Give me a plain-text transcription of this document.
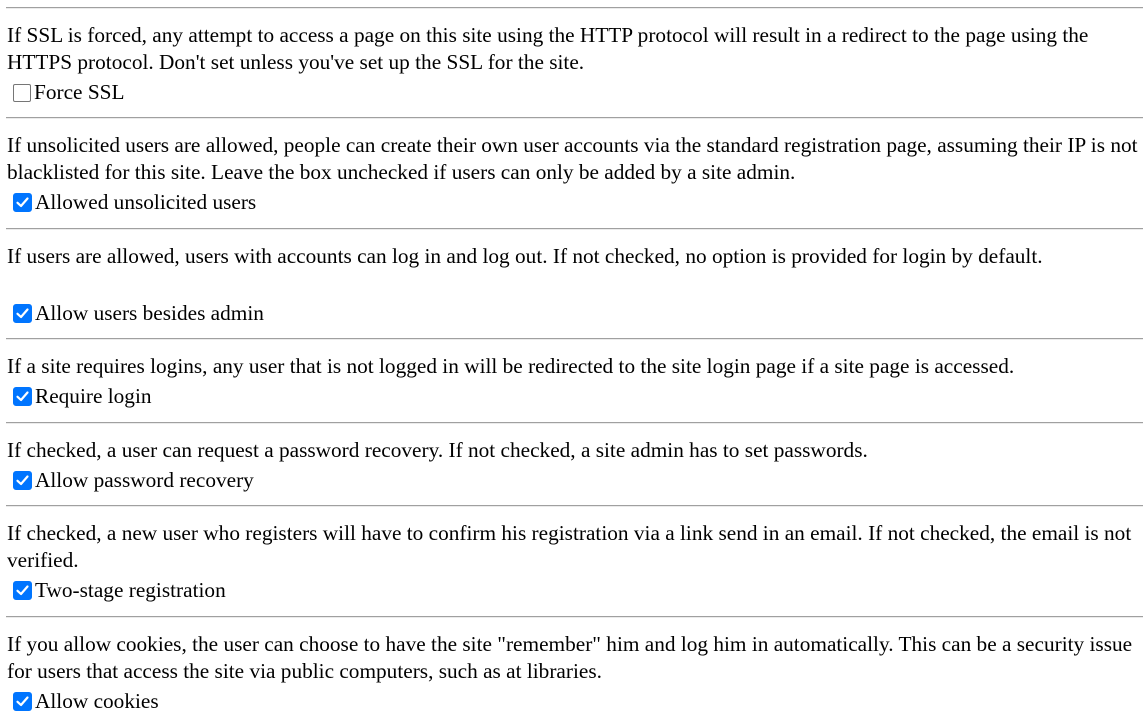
If SSL is forced, any attempt to access a page on this site using the HTTP protocol will result in a redirect to the page using the HTTPS protocol. Don't set unless you've set up the SSL for the site.

Force SSL

If unsolicited users are allowed, people can create their own user accounts via the standard registration page, assuming their IP is not blacklisted for this site. Leave the box unchecked if users can only be added by a site admin.

Allowed unsolicited users

If users are allowed, users with accounts can log in and log out. If not checked, no option is provided for login by default.

Allow users besides admin

If a site requires logins, any user that is not logged in will be redirected to the site login page if a site page is accessed.

Require login

If checked, a user can request a password recovery. If not checked, a site admin has to set passwords.

Allow password recovery

If checked, a new user who registers will have to confirm his registration via a link send in an email. If not checked, the email is not verified.

Two-stage registration

If you allow cookies, the user can choose to have the site "remember" him and log him in automatically. This can be a security issue for users that access the site via public computers, such as at libraries.

Allow cookies
